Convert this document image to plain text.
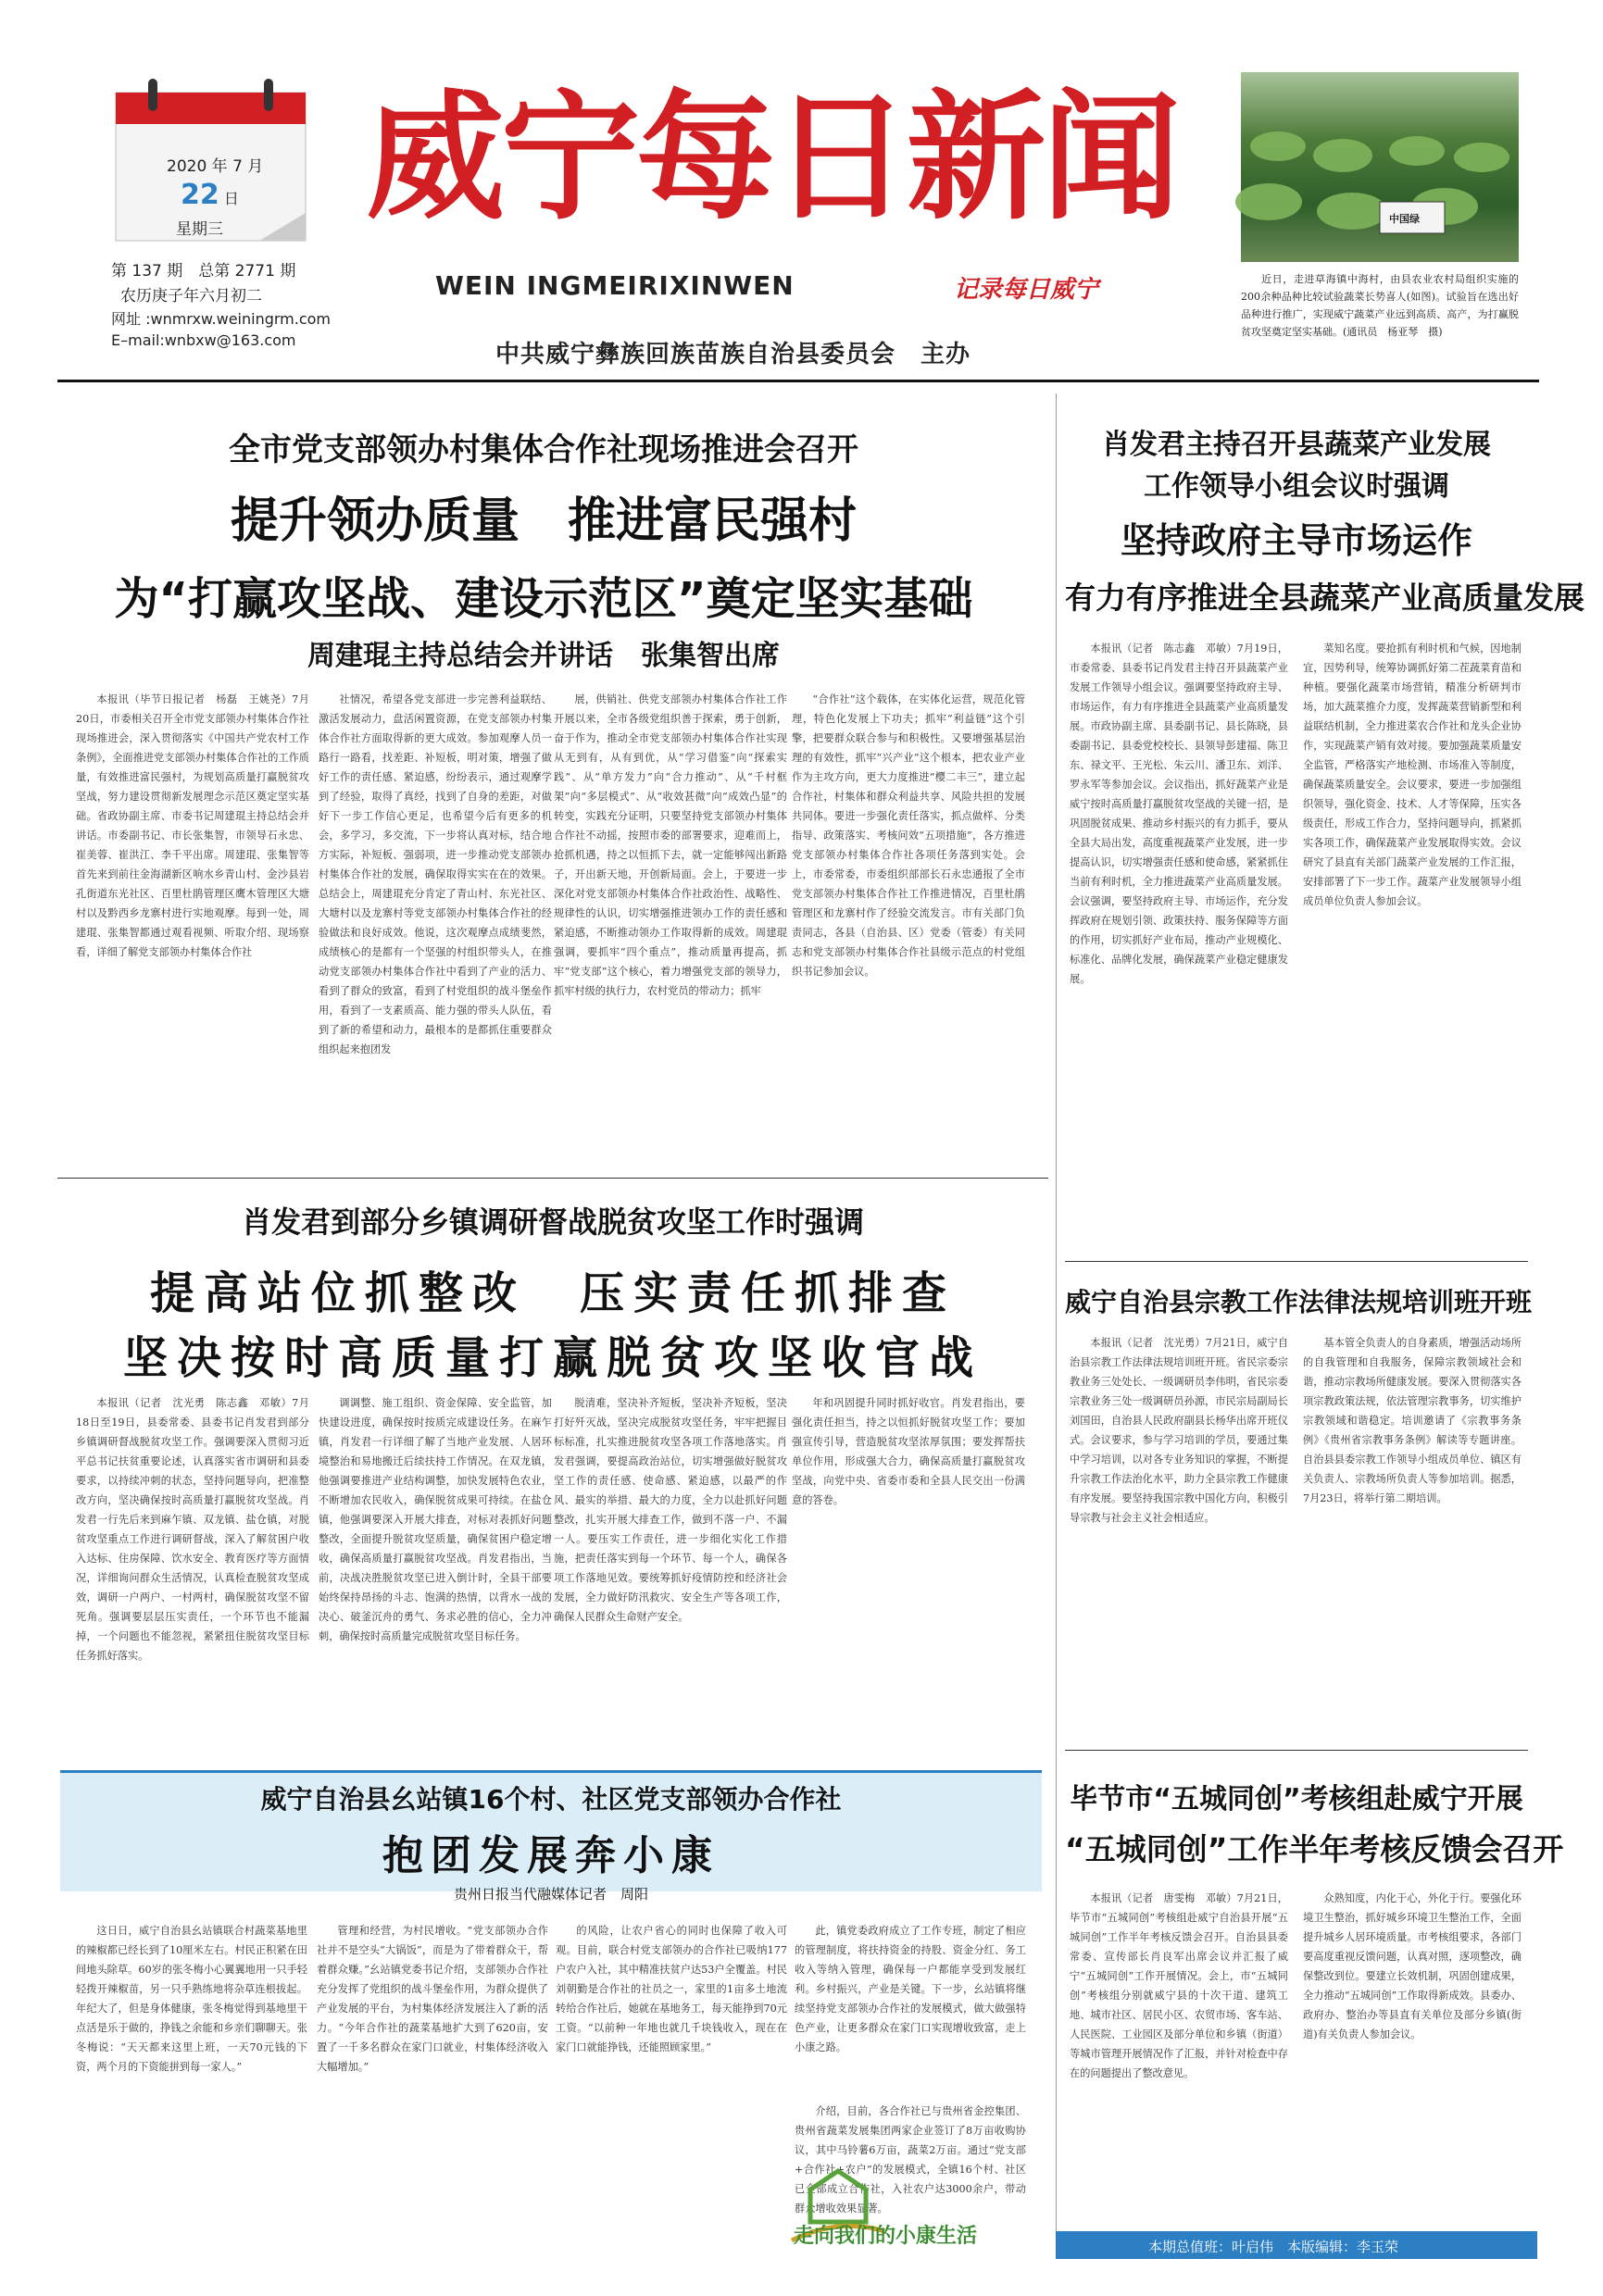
2020 年 7 月
22 日
星期三
第 137 期　总第 2771 期
农历庚子年六月初二
网址 :wnmrxw.weiningrm.com
E–mail:wnbxw@163.com
威宁每日新闻
WEIN INGMEIRIXINWEN	记录每日威宁
中共威宁彝族回族苗族自治县委员会　主办
中国绿
近日，走进草海镇中海村，由县农业农村局组织实施的200余种品种比较试验蔬菜长势喜人(如图)。试验旨在选出好品种进行推广，实现威宁蔬菜产业远到高质、高产，为打赢脱贫攻坚奠定坚实基础。(通讯员　杨亚琴　摄)
全市党支部领办村集体合作社现场推进会召开
提升领办质量　推进富民强村
为“打赢攻坚战、建设示范区”奠定坚实基础
周建琨主持总结会并讲话　张集智出席

本报讯（毕节日报记者　杨磊　王姚尧）7月20日，市委相关召开全市党支部领办村集体合作社现场推进会，深入贯彻落实《中国共产党农村工作条例》，全面推进党支部领办村集体合作社的工作质量，有效推进富民强村，为规划高质量打赢脱贫攻坚战，努力建设贯彻新发展理念示范区奠定坚实基础。省政协副主席、市委书记周建琨主持总结会并讲话。市委副书记、市长张集智，市领导石永忠、崔美蓉、崔洪江、李千平出席。周建琨、张集智等首先来到前往金海湖新区响水乡青山村、金沙县岩孔街道东光社区、百里杜鹃管理区鹰木管理区大塘村以及黔西乡龙寨村进行实地观摩。每到一处，周建琨、张集智都通过观看视频、听取介绍、现场察看，详细了解党支部领办村集体合作社

社情况，希望各党支部进一步完善利益联结、激活发展动力，盘活闲置资源，在党支部领办村集体合作社方面取得新的更大成效。参加观摩人员一路行一路看，找差距、补短板，明对策，增强了做好工作的责任感、紧迫感，纷纷表示，通过观摩学到了经验，取得了真经，找到了自身的差距，对做好下一步工作信心更足，也希望今后有更多的机会，多学习，多交流，下一步将认真对标，结合地方实际，补短板、强弱项，进一步推动党支部领办村集体合作社的发展，确保取得实实在在的效果。总结会上，周建琨充分肯定了青山村、东光社区、大塘村以及龙寨村等党支部领办村集体合作社的经验做法和良好成效。他说，这次观摩点成绩斐然，成绩核心的是都有一个坚强的村组织带头人，在推动党支部领办村集体合作社中看到了产业的活力、看到了群众的致富，看到了村党组织的战斗堡垒作用，看到了一支素质高、能力强的带头人队伍，看到了新的希望和动力，最根本的是都抓住重要群众组织起来抱团发

展，供销社、供党支部领办村集体合作社工作开展以来，全市各级党组织善于探索，勇于创新，奋于作为，推动全市党支部领办村集体合作社实现从无到有，从有到优，从“学习借鉴”向“探索实践”、从“单方发力”向“合力推动”、从“千村框架”向“多层模式”、从“收效甚微”向“成效凸显”的转变，实践充分证明，只要坚持党支部领办村集体合作社不动摇，按照市委的部署要求，迎难而上，抢抓机遇，持之以恒抓下去，就一定能够闯出新路子，开出新天地，开创新局面。会上，于要进一步深化对党支部领办村集体合作社政治性、战略性、规律性的认识，切实增强推进领办工作的责任感和紧迫感，不断推动领办工作取得新的成效。周建琨强调，要抓牢“四个重点”，推动质量再提高，抓牢“党支部”这个核心，着力增强党支部的领导力，抓牢村级的执行力，农村党员的带动力；抓牢

“合作社”这个载体，在实体化运营，规范化管理，特色化发展上下功夫；抓牢“利益链”这个引擎，把要群众联合参与和积极性。又要增强基层治理的有效性，抓牢“兴产业”这个根本，把农业产业作为主攻方向，更大力度推进“樱二丰三”，建立起合作社，村集体和群众利益共享、风险共担的发展共同体。要进一步强化责任落实，抓点做样、分类指导、政策落实、考核问效“五项措施”，各方推进党支部领办村集体合作社各项任务落到实处。会上，市委常委，市委组织部部长石永忠通报了全市党支部领办村集体合作社工作推进情况，百里杜鹃管理区和龙寨村作了经验交流发言。市有关部门负责同志，各县（自治县、区）党委（管委）有关同志和党支部领办村集体合作社县级示范点的村党组织书记参加会议。

肖发君到部分乡镇调研督战脱贫攻坚工作时强调
提高站位抓整改　压实责任抓排查
坚决按时高质量打赢脱贫攻坚收官战

本报讯（记者　沈光勇　陈志鑫　邓敏）7月18日至19日，县委常委、县委书记肖发君到部分乡镇调研督战脱贫攻坚工作。强调要深入贯彻习近平总书记扶贫重要论述，认真落实省市调研和县委要求，以持续冲刺的状态，坚持问题导向，把准整改方向，坚决确保按时高质量打赢脱贫攻坚战。肖发君一行先后来到麻乍镇、双龙镇、盐仓镇，对脱贫攻坚重点工作进行调研督战，深入了解贫困户收入达标、住房保障、饮水安全、教育医疗等方面情况，详细询问群众生活情况，认真检查脱贫攻坚成效，调研一户两户、一村两村，确保脱贫攻坚不留死角。强调要层层压实责任，一个环节也不能漏掉，一个问题也不能忽视，紧紧扭住脱贫攻坚目标任务抓好落实。

调调整、施工组织、资金保障、安全监管，加快建设进度，确保按时按质完成建设任务。在麻乍镇，肖发君一行详细了解了当地产业发展、人居环境整治和易地搬迁后续扶持工作情况。在双龙镇，他强调要推进产业结构调整，加快发展特色农业，不断增加农民收入，确保脱贫成果可持续。在盐仓镇，他强调要深入开展大排查，对标对表抓好问题整改，全面提升脱贫攻坚质量，确保贫困户稳定增收，确保高质量打赢脱贫攻坚战。肖发君指出，当前，决战决胜脱贫攻坚已进入倒计时，全县干部要始终保持昂扬的斗志、饱满的热情，以背水一战的决心、破釜沉舟的勇气、务求必胜的信心，全力冲刺，确保按时高质量完成脱贫攻坚目标任务。

脱清难，坚决补齐短板，坚决补齐短板，坚决打好歼灭战，坚决完成脱贫攻坚任务，牢牢把握目标标准，扎实推进脱贫攻坚各项工作落地落实。肖发君强调，要提高政治站位，切实增强做好脱贫攻坚工作的责任感、使命感、紧迫感，以最严的作风、最实的举措、最大的力度，全力以赴抓好问题整改，扎实开展大排查工作，做到不落一户、不漏一人。要压实工作责任，进一步细化实化工作措施，把责任落实到每一个环节、每一个人，确保各项工作落地见效。要统筹抓好疫情防控和经济社会发展，全力做好防汛救灾、安全生产等各项工作，确保人民群众生命财产安全。

年和巩固提升同时抓好收官。肖发君指出，要强化责任担当，持之以恒抓好脱贫攻坚工作；要加强宣传引导，营造脱贫攻坚浓厚氛围；要发挥帮扶单位作用，形成强大合力，确保高质量打赢脱贫攻坚战，向党中央、省委市委和全县人民交出一份满意的答卷。

威宁自治县幺站镇16个村、社区党支部领办合作社
抱团发展奔小康
贵州日报当代融媒体记者　周阳

这日日，威宁自治县幺站镇联合村蔬菜基地里的辣椒都已经长到了10厘米左右。村民正积紧在田间地头除草。60岁的张冬梅小心翼翼地用一只手轻轻拨开辣椒苗，另一只手熟练地将杂草连根拔起。年纪大了，但是身体健康，张冬梅觉得到基地里干点活是乐于做的，挣钱之余能和乡亲们聊聊天。张冬梅说：“天天都来这里上班，一天70元钱的下资，两个月的下资能拼到每一家人。”

管理和经营，为村民增收。“党支部领办合作社并不是空头“大锅饭”，而是为了带着群众干，帮着群众赚。”幺站镇党委书记介绍，支部领办合作社充分发挥了党组织的战斗堡垒作用，为群众提供了产业发展的平台，为村集体经济发展注入了新的活力。“今年合作社的蔬菜基地扩大到了620亩，安置了一千多名群众在家门口就业，村集体经济收入大幅增加。”

的风险，让农户省心的同时也保障了收入可观。目前，联合村党支部领办的合作社已吸纳177户农户入社，其中精准扶贫户达53户全覆盖。村民刘朝勤是合作社的社员之一，家里的1亩多土地流转给合作社后，她就在基地务工，每天能挣到70元工资。“以前种一年地也就几千块钱收入，现在在家门口就能挣钱，还能照顾家里。”

此，镇党委政府成立了工作专班，制定了相应的管理制度，将扶持资金的持股、资金分红、务工收入等纳入管理，确保每一户都能享受到发展红利。乡村振兴，产业是关键。下一步，幺站镇将继续坚持党支部领办合作社的发展模式，做大做强特色产业，让更多群众在家门口实现增收致富，走上小康之路。

介绍，目前，各合作社已与贵州省金控集团、贵州省蔬菜发展集团两家企业签订了8万亩收购协议，其中马铃薯6万亩，蔬菜2万亩。通过“党支部+合作社+农户”的发展模式，全镇16个村、社区已全部成立合作社，入社农户达3000余户，带动群众增收效果显著。

走向我们的小康生活
肖发君主持召开县蔬菜产业发展
工作领导小组会议时强调
坚持政府主导市场运作
有力有序推进全县蔬菜产业高质量发展

本报讯（记者　陈志鑫　邓敏）7月19日，市委常委、县委书记肖发君主持召开县蔬菜产业发展工作领导小组会议。强调要坚持政府主导、市场运作，有力有序推进全县蔬菜产业高质量发展。市政协副主席、县委副书记、县长陈晓，县委副书记、县委党校校长、县领导彭建福、陈卫东、禄文平、王光松、朱云川、潘卫东、刘洋、罗永军等参加会议。会议指出，抓好蔬菜产业是威宁按时高质量打赢脱贫攻坚战的关键一招，是巩固脱贫成果、推动乡村振兴的有力抓手，要从全县大局出发，高度重视蔬菜产业发展，进一步提高认识，切实增强责任感和使命感，紧紧抓住当前有利时机，全力推进蔬菜产业高质量发展。会议强调，要坚持政府主导、市场运作，充分发挥政府在规划引领、政策扶持、服务保障等方面的作用，切实抓好产业布局，推动产业规模化、标准化、品牌化发展，确保蔬菜产业稳定健康发展。

菜知名度。要抢抓有利时机和气候，因地制宜，因势利导，统筹协调抓好第二茬蔬菜育苗和种植。要强化蔬菜市场营销，精准分析研判市场，加大蔬菜推介力度，发挥蔬菜营销新型和利益联结机制，全力推进菜农合作社和龙头企业协作，实现蔬菜产销有效对接。要加强蔬菜质量安全监管，严格落实产地检测、市场准入等制度，确保蔬菜质量安全。会议要求，要进一步加强组织领导，强化资金、技术、人才等保障，压实各级责任，形成工作合力，坚持问题导向，抓紧抓实各项工作，确保蔬菜产业发展取得实效。会议研究了县直有关部门蔬菜产业发展的工作汇报，安排部署了下一步工作。蔬菜产业发展领导小组成员单位负责人参加会议。

威宁自治县宗教工作法律法规培训班开班

本报讯（记者　沈光勇）7月21日，威宁自治县宗教工作法律法规培训班开班。省民宗委宗教业务三处处长、一级调研员李伟明，省民宗委宗教业务三处一级调研员孙源，市民宗局副局长刘国田，自治县人民政府副县长杨华出席开班仪式。会议要求，参与学习培训的学员，要通过集中学习培训，以对各专业务知识的掌握，不断提升宗教工作法治化水平，助力全县宗教工作健康有序发展。要坚持我国宗教中国化方向，积极引导宗教与社会主义社会相适应。

基本管全负责人的自身素质，增强活动场所的自我管理和自我服务，保障宗教领域社会和谐，推动宗教场所健康发展。要深入贯彻落实各项宗教政策法规，依法管理宗教事务，切实维护宗教领域和谐稳定。培训邀请了《宗教事务条例》《贵州省宗教事务条例》解读等专题讲座。自治县县委宗教工作领导小组成员单位、镇区有关负责人、宗教场所负责人等参加培训。据悉，7月23日，将举行第二期培训。

毕节市“五城同创”考核组赴威宁开展
“五城同创”工作半年考核反馈会召开

本报讯（记者　唐雯梅　邓敏）7月21日，毕节市“五城同创”考核组赴威宁自治县开展“五城同创”工作半年考核反馈会召开。自治县县委常委、宣传部长肖良军出席会议并汇报了威宁“五城同创”工作开展情况。会上，市“五城同创”考核组分别就威宁县的十次干道、建筑工地、城市社区、居民小区、农贸市场、客车站、人民医院、工业园区及部分单位和乡镇（街道）等城市管理开展情况作了汇报，并针对检查中存在的问题提出了整改意见。

众熟知度，内化于心，外化于行。要强化环境卫生整治，抓好城乡环境卫生整治工作，全面提升城乡人居环境质量。市考核组要求，各部门要高度重视反馈问题，认真对照，逐项整改，确保整改到位。要建立长效机制，巩固创建成果，全力推动“五城同创”工作取得新成效。县委办、政府办、整治办等县直有关单位及部分乡镇(街道)有关负责人参加会议。

本期总值班：叶启伟　本版编辑：李玉荣
